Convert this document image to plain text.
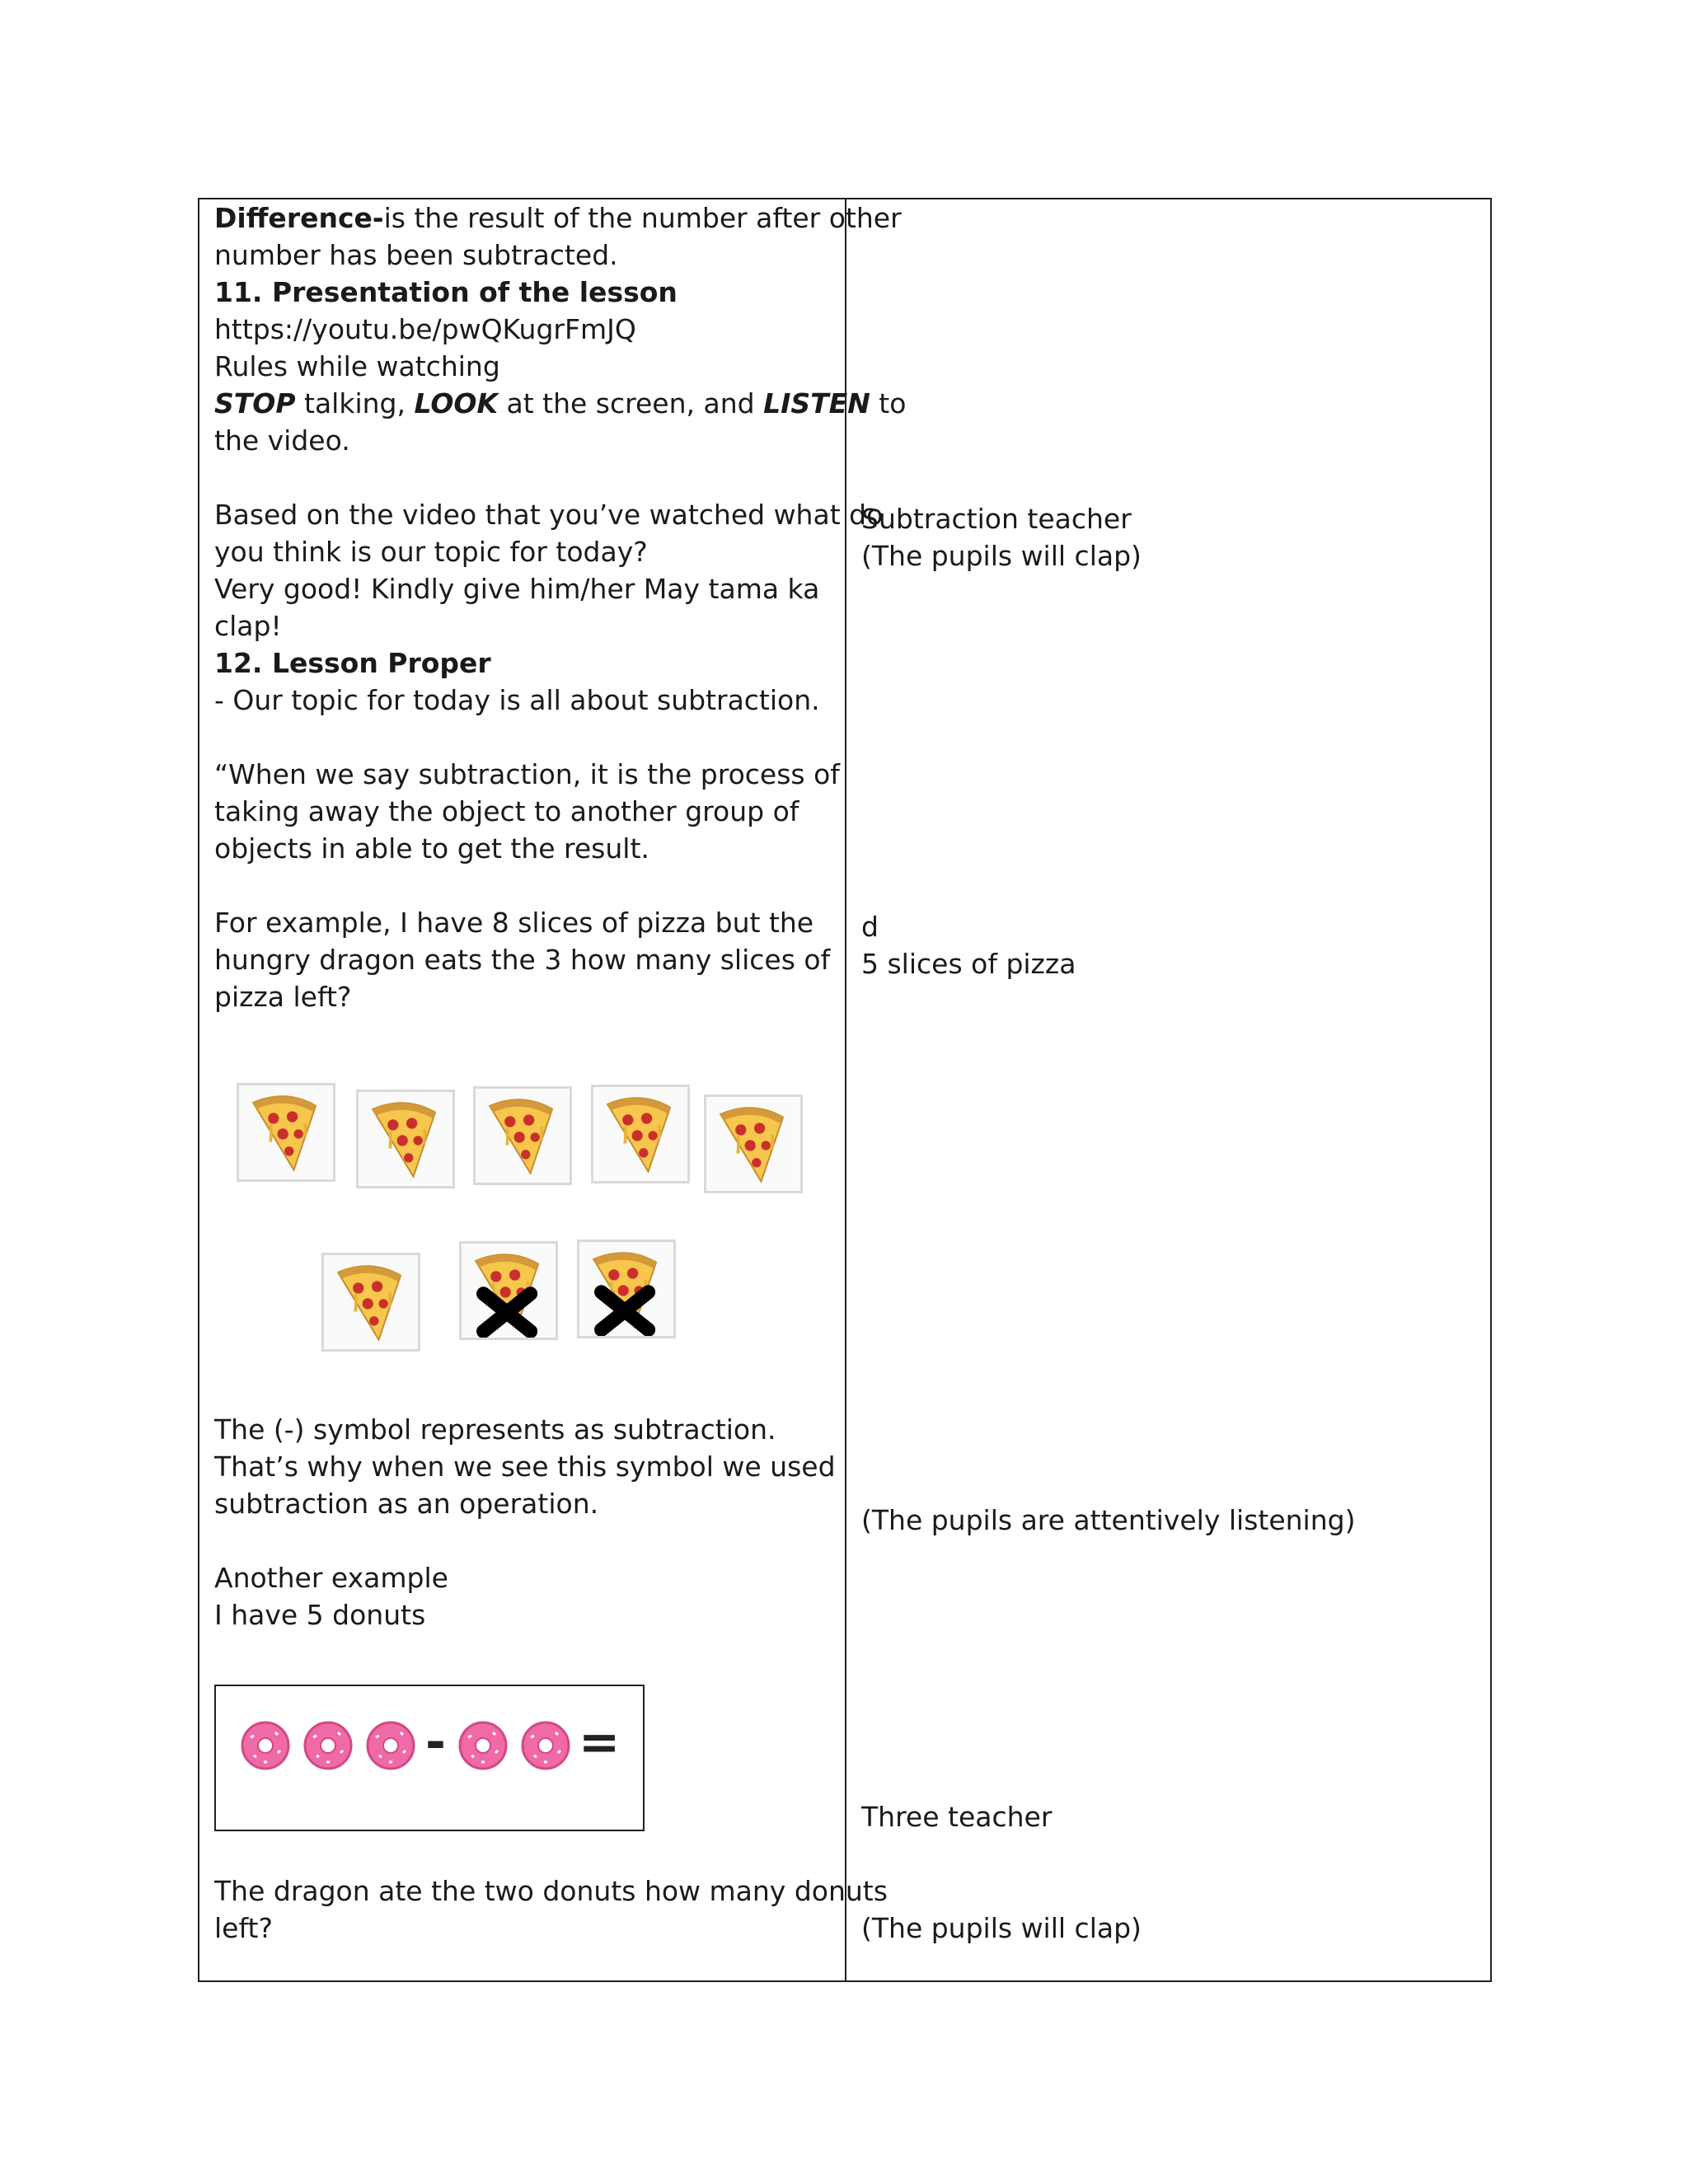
Difference-is the result of the number after other
number has been subtracted.
11. Presentation of the lesson
https://youtu.be/pwQKugrFmJQ
Rules while watching
STOP talking, LOOK at the screen, and LISTEN to
the video.
Based on the video that you’ve watched what do
you think is our topic for today?
Very good! Kindly give him/her May tama ka
clap!
12. Lesson Proper
- Our topic for today is all about subtraction.
“When we say subtraction, it is the process of
taking away the object to another group of
objects in able to get the result.
For example, I have 8 slices of pizza but the
hungry dragon eats the 3 how many slices of
pizza left?
The (-) symbol represents as subtraction.
That’s why when we see this symbol we used
subtraction as an operation.
Another example
I have 5 donuts
-	=
The dragon ate the two donuts how many donuts
left?
Subtraction teacher
(The pupils will clap)
d
5 slices of pizza
(The pupils are attentively listening)
Three teacher
(The pupils will clap)
